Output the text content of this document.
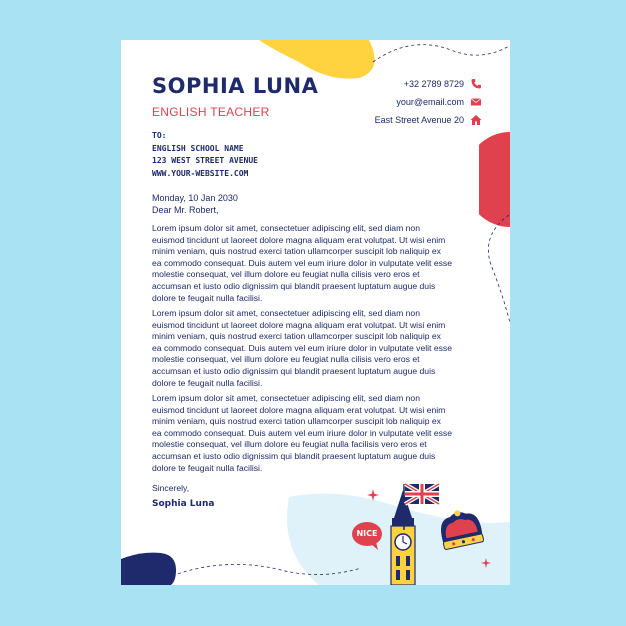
SOPHIA LUNA
ENGLISH TEACHER
+32 2789 8729
your@email.com
East Street Avenue 20
TO:
ENGLISH SCHOOL NAME
123 WEST STREET AVENUE
WWW.YOUR-WEBSITE.COM
Monday, 10 Jan 2030
Dear Mr. Robert,

Lorem ipsum dolor sit amet, consectetuer adipiscing elit, sed diam non euismod tincidunt ut laoreet dolore magna aliquam erat volutpat. Ut wisi enim minim veniam, quis nostrud exerci tation ullamcorper suscipit lob naliquip ex ea commodo consequat. Duis autem vel eum iriure dolor in vulputate velit esse molestie consequat, vel illum dolore eu feugiat nulla cilisis vero eros et accumsan et iusto odio dignissim qui blandit praesent luptatum augue duis dolore te feugait nulla facilisi.

Lorem ipsum dolor sit amet, consectetuer adipiscing elit, sed diam non euismod tincidunt ut laoreet dolore magna aliquam erat volutpat. Ut wisi enim minim veniam, quis nostrud exerci tation ullamcorper suscipit lob naliquip ex ea commodo consequat. Duis autem vel eum iriure dolor in vulputate velit esse molestie consequat, vel illum dolore eu feugiat nulla cilisis vero eros et accumsan et iusto odio dignissim qui blandit praesent luptatum augue duis dolore te feugait nulla facilisi.

Lorem ipsum dolor sit amet, consectetuer adipiscing elit, sed diam non euismod tincidunt ut laoreet dolore magna aliquam erat volutpat. Ut wisi enim minim veniam, quis nostrud exerci tation ullamcorper suscipit lob naliquip ex ea commodo consequat. Duis autem vel eum iriure dolor in vulputate velit esse molestie consequat, vel illum dolore eu feugiat nulla facilisis vero eros et accumsan et iusto odio dignissim qui blandit praesent luptatum augue duis dolore te feugait nulla facilisi.

Sincerely,
Sophia Luna
NICE
